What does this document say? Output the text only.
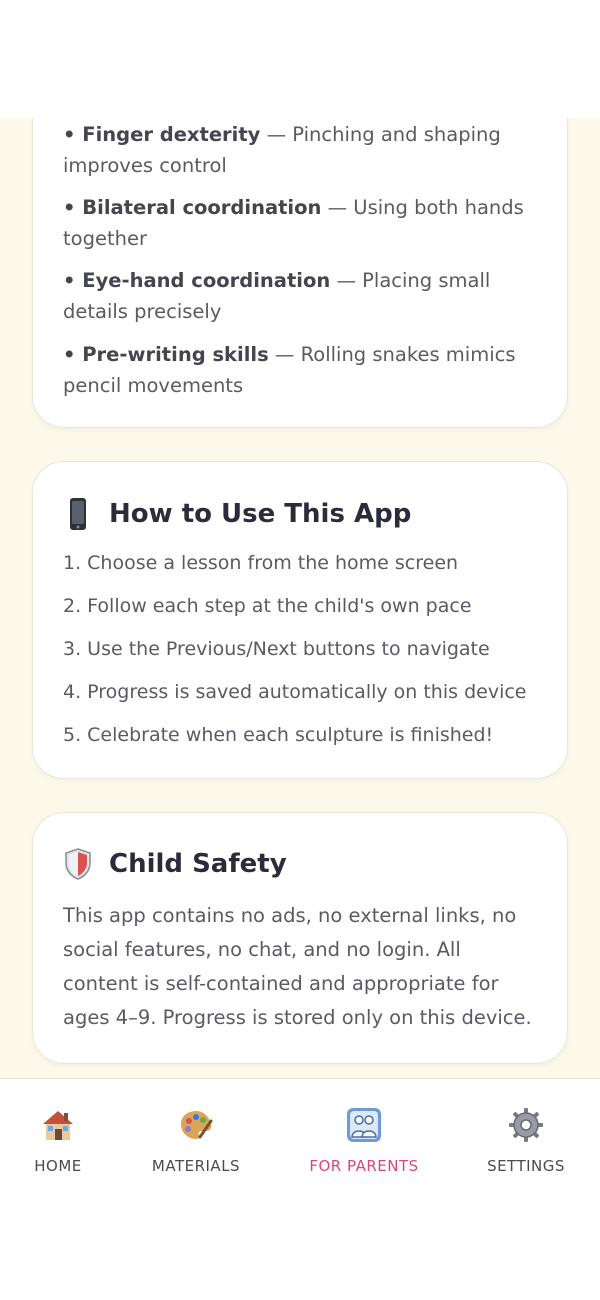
• Finger dexterity — Pinching and shaping improves control
• Bilateral coordination — Using both hands together
• Eye-hand coordination — Placing small details precisely
• Pre-writing skills — Rolling snakes mimics pencil movements
How to Use This App
1. Choose a lesson from the home screen
2. Follow each step at the child's own pace
3. Use the Previous/Next buttons to navigate
4. Progress is saved automatically on this device
5. Celebrate when each sculpture is finished!
Child Safety
This app contains no ads, no external links, no social features, no chat, and no login. All content is self-contained and appropriate for ages 4–9. Progress is stored only on this device.
HOME	MATERIALS	FOR PARENTS	SETTINGS
